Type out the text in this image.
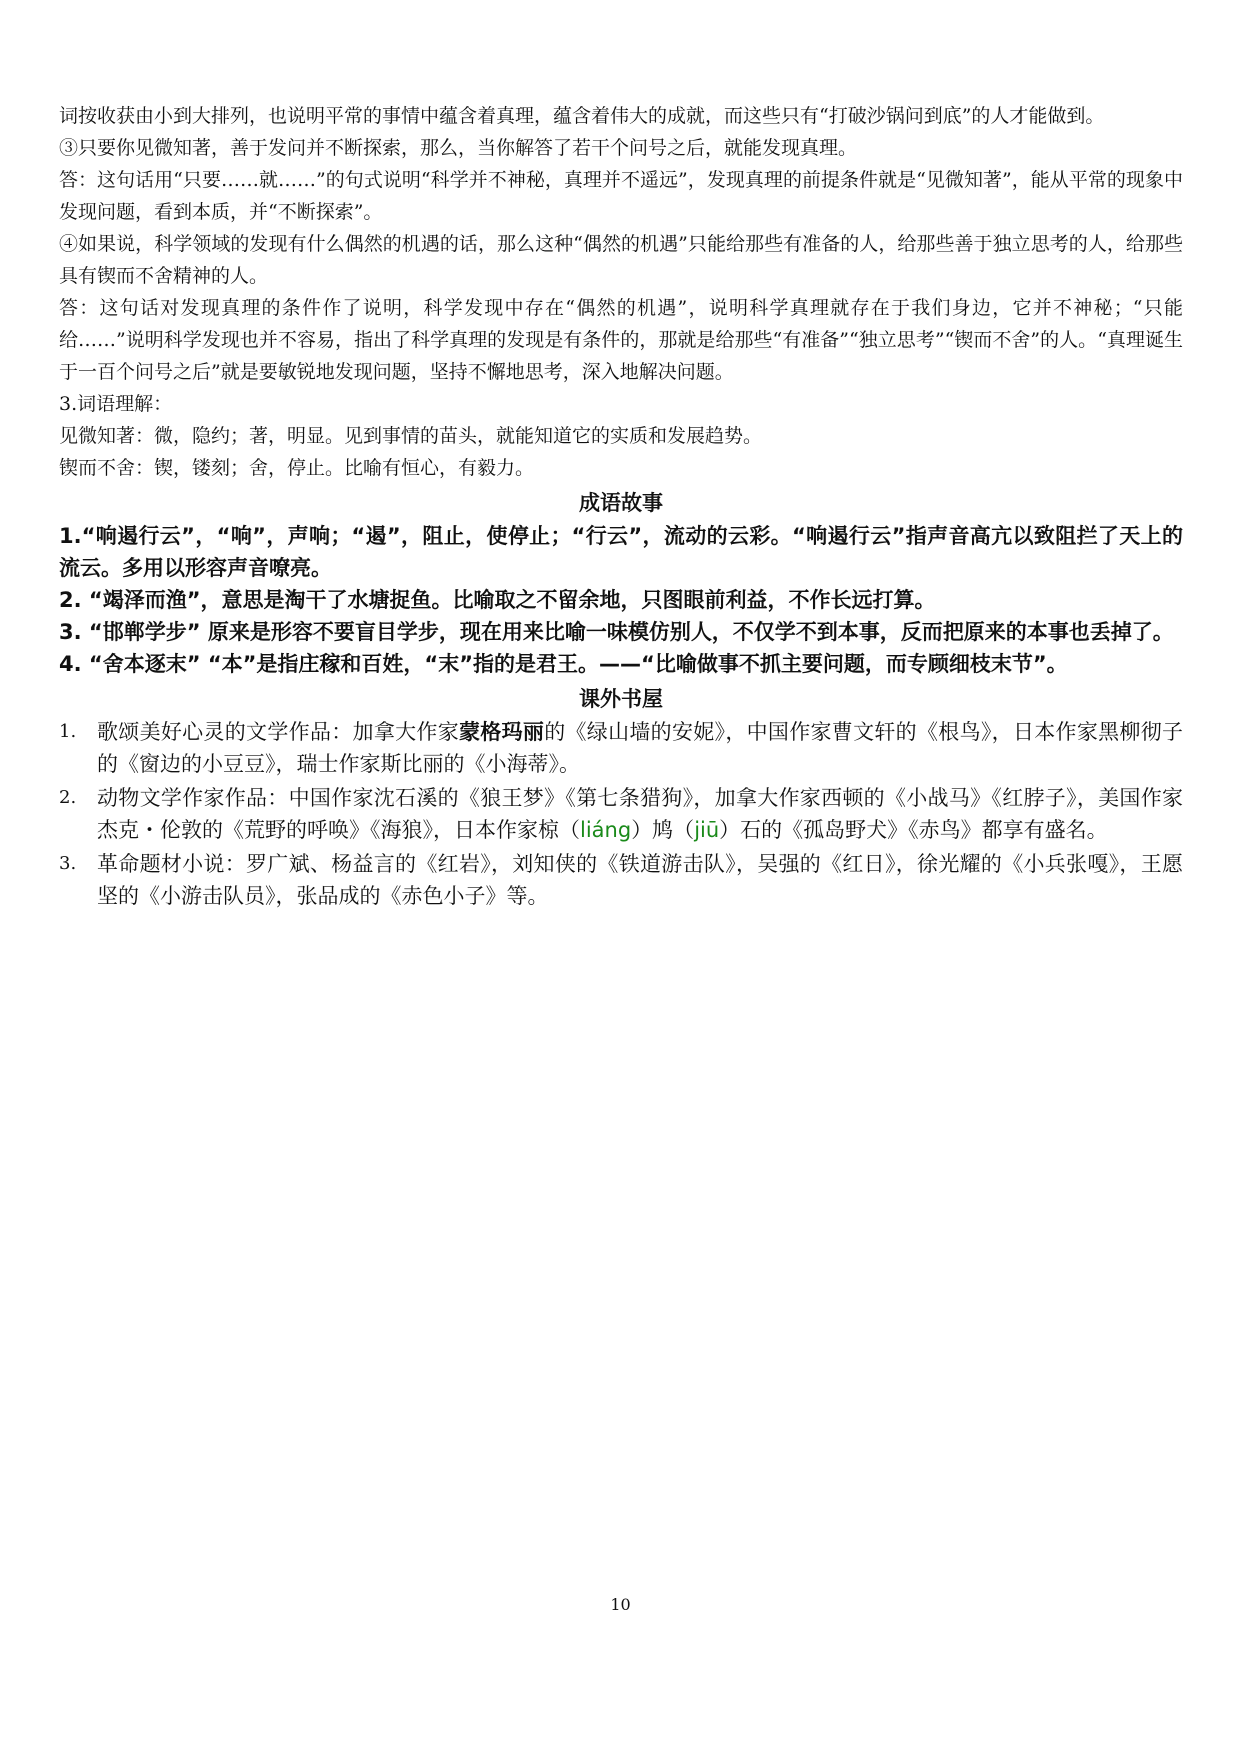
词按收获由小到大排列，也说明平常的事情中蕴含着真理，蕴含着伟大的成就，而这些只有“打破沙锅问到底”的人才能做到。

③只要你见微知著，善于发问并不断探索，那么，当你解答了若干个问号之后，就能发现真理。

答：这句话用“只要……就……”的句式说明“科学并不神秘，真理并不遥远”，发现真理的前提条件就是“见微知著”，能从平常的现象中发现问题，看到本质，并“不断探索”。

④如果说，科学领域的发现有什么偶然的机遇的话，那么这种“偶然的机遇”只能给那些有准备的人，给那些善于独立思考的人，给那些具有锲而不舍精神的人。

答：这句话对发现真理的条件作了说明，科学发现中存在“偶然的机遇”，说明科学真理就存在于我们身边，它并不神秘；“只能给……”说明科学发现也并不容易，指出了科学真理的发现是有条件的，那就是给那些“有准备”“独立思考”“锲而不舍”的人。“真理诞生于一百个问号之后”就是要敏锐地发现问题，坚持不懈地思考，深入地解决问题。

3.词语理解：

见微知著：微，隐约；著，明显。见到事情的苗头，就能知道它的实质和发展趋势。

锲而不舍：锲，镂刻；舍，停止。比喻有恒心，有毅力。

成语故事

1.“响遏行云”，“响”，声响；“遏”，阻止，使停止；“行云”，流动的云彩。“响遏行云”指声音高亢以致阻拦了天上的流云。多用以形容声音嘹亮。

2. “竭泽而渔”，意思是淘干了水塘捉鱼。比喻取之不留余地，只图眼前利益，不作长远打算。

3. “邯郸学步” 原来是形容不要盲目学步，现在用来比喻一味模仿别人，不仅学不到本事，反而把原来的本事也丢掉了。

4. “舍本逐末” “本”是指庄稼和百姓，“末”指的是君王。——“比喻做事不抓主要问题，而专顾细枝末节”。

课外书屋
1. 歌颂美好心灵的文学作品：加拿大作家蒙格玛丽的《绿山墙的安妮》，中国作家曹文轩的《根鸟》，日本作家黑柳彻子的《窗边的小豆豆》，瑞士作家斯比丽的《小海蒂》。
2. 动物文学作家作品：中国作家沈石溪的《狼王梦》《第七条猎狗》，加拿大作家西顿的《小战马》《红脖子》，美国作家杰克・伦敦的《荒野的呼唤》《海狼》，日本作家椋（liáng）鸠（jiū）石的《孤岛野犬》《赤鸟》都享有盛名。
3. 革命题材小说：罗广斌、杨益言的《红岩》，刘知侠的《铁道游击队》，吴强的《红日》，徐光耀的《小兵张嘎》，王愿坚的《小游击队员》，张品成的《赤色小子》等。
10
